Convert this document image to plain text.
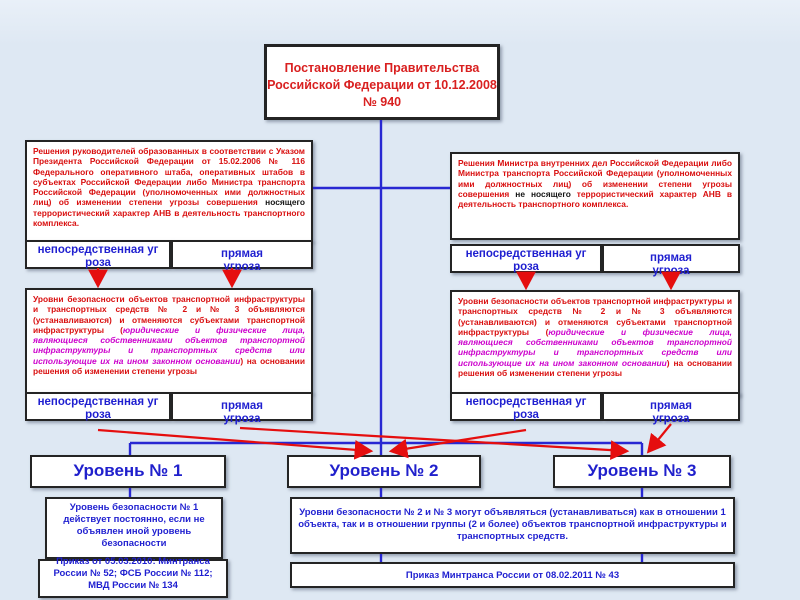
Постановление Правительства Российской Федерации от 10.12.2008 № 940
Решения руководителей образованных в соответствии с Указом Президента Российской Федерации от 15.02.2006 № 116 Федерального оперативного штаба, оперативных штабов в субъектах Российской Федерации либо Министра транспорта Российской Федерации (уполномоченных ими должностных лиц) об изменении степени угрозы совершения носящего террористический характер АНВ в деятельность транспортного комплекса.
Решения Министра внутренних дел Российской Федерации либо Министра транспорта Российской Федерации (уполномоченных ими должностных лиц) об изменении степени угрозы совершения не носящего террористический характер АНВ в деятельность транспортного комплекса.
непосредственная угроза
прямая угроза
непосредственная угроза
прямая угроза
Уровни безопасности объектов транспортной инфраструктуры и транспортных средств № 2 и № 3 объявляются (устанавливаются) и отменяются субъектами транспортной инфраструктуры (юридические и физические лица, являющиеся собственниками объектов транспортной инфраструктуры и транспортных средств или использующие их на ином законном основании) на основании решения об изменении степени угрозы
Уровни безопасности объектов транспортной инфраструктуры и транспортных средств № 2 и № 3 объявляются (устанавливаются) и отменяются субъектами транспортной инфраструктуры (юридические и физические лица, являющиеся собственниками объектов транспортной инфраструктуры и транспортных средств или использующие их на ином законном основании) на основании решения об изменении степени угрозы
непосредственная угроза
прямая угроза
непосредственная угроза
прямая угроза
Уровень № 1	Уровень № 2	Уровень № 3
Уровень безопасности № 1 действует постоянно, если не объявлен иной уровень безопасности
Приказ от 05.03.2010: Минтранса России № 52; ФСБ России № 112; МВД России № 134
Уровни безопасности № 2 и № 3 могут объявляться (устанавливаться) как в отношении 1 объекта, так и в отношении группы (2 и более) объектов транспортной инфраструктуры и транспортных средств.
Приказ Минтранса России от 08.02.2011 № 43
